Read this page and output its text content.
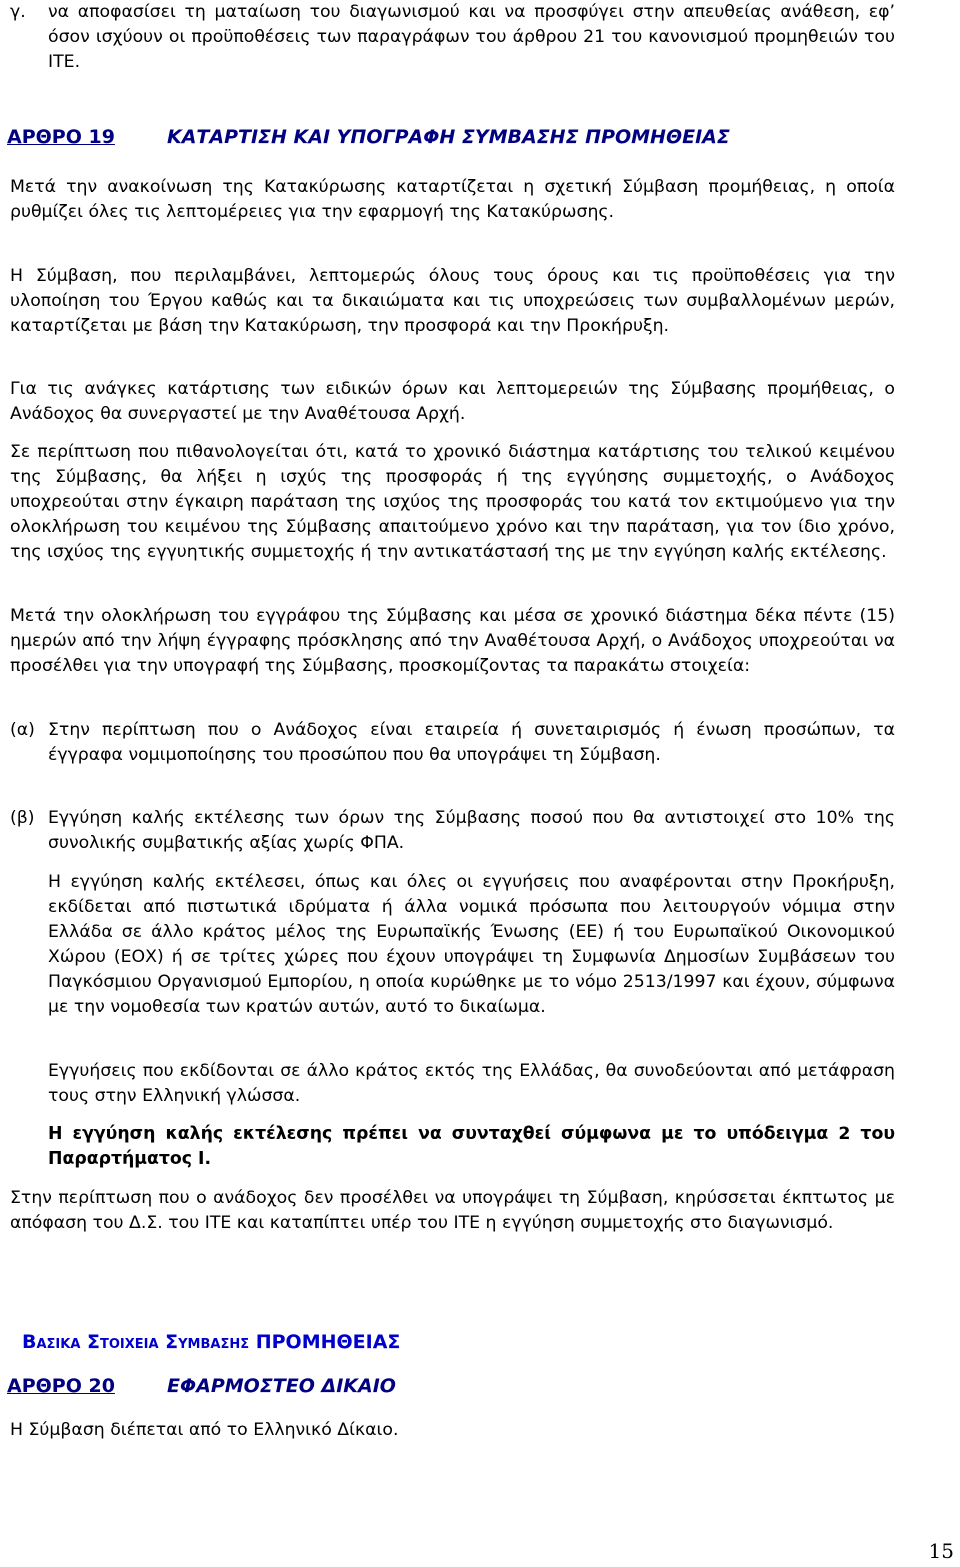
γ.	να αποφασίσει τη ματαίωση του διαγωνισμού και να προσφύγει στην απευθείας ανάθεση, εφ’ όσον ισχύουν οι προϋποθέσεις των παραγράφων του άρθρου 21 του κανονισμού προμηθειών του ΙΤΕ.

ΑΡΘΡΟ 19	ΚΑΤΑΡΤΙΣΗ ΚΑΙ ΥΠΟΓΡΑΦΗ ΣΥΜΒΑΣΗΣ ΠΡΟΜΗΘΕΙΑΣ

Μετά την ανακοίνωση της Κατακύρωσης καταρτίζεται η σχετική Σύμβαση προμήθειας, η οποία ρυθμίζει όλες τις λεπτομέρειες για την εφαρμογή της Κατακύρωσης.

Η Σύμβαση, που περιλαμβάνει, λεπτομερώς όλους τους όρους και τις προϋποθέσεις για την υλοποίηση του Έργου καθώς και τα δικαιώματα και τις υποχρεώσεις των συμβαλλομένων μερών, καταρτίζεται με βάση την Κατακύρωση, την προσφορά και την Προκήρυξη.

Για τις ανάγκες κατάρτισης των ειδικών όρων και λεπτομερειών της Σύμβασης προμήθειας, ο Ανάδοχος θα συνεργαστεί με την Αναθέτουσα Αρχή.

Σε περίπτωση που πιθανολογείται ότι, κατά το χρονικό διάστημα κατάρτισης του τελικού κειμένου της Σύμβασης, θα λήξει η ισχύς της προσφοράς ή της εγγύησης συμμετοχής, ο Ανάδοχος υποχρεούται στην έγκαιρη παράταση της ισχύος της προσφοράς του κατά τον εκτιμούμενο για την ολοκλήρωση του κειμένου της Σύμβασης απαιτούμενο χρόνο και την παράταση, για τον ίδιο χρόνο, της ισχύος της εγγυητικής συμμετοχής ή την αντικατάστασή της με την εγγύηση καλής εκτέλεσης.

Μετά την ολοκλήρωση του εγγράφου της Σύμβασης και μέσα σε χρονικό διάστημα δέκα πέντε (15) ημερών από την λήψη έγγραφης πρόσκλησης από την Αναθέτουσα Αρχή, ο Ανάδοχος υποχρεούται να προσέλθει για την υπογραφή της Σύμβασης, προσκομίζοντας τα παρακάτω στοιχεία:

(α) Στην περίπτωση που ο Ανάδοχος είναι εταιρεία ή συνεταιρισμός ή ένωση προσώπων, τα έγγραφα νομιμοποίησης του προσώπου που θα υπογράψει τη Σύμβαση.

(β) Εγγύηση καλής εκτέλεσης των όρων της Σύμβασης ποσού που θα αντιστοιχεί στο 10% της συνολικής συμβατικής αξίας χωρίς ΦΠΑ.

Η εγγύηση καλής εκτέλεσει, όπως και όλες οι εγγυήσεις που αναφέρονται στην Προκήρυξη, εκδίδεται από πιστωτικά ιδρύματα ή άλλα νομικά πρόσωπα που λειτουργούν νόμιμα στην Ελλάδα σε άλλο κράτος μέλος της Ευρωπαϊκής Ένωσης (ΕΕ) ή του Ευρωπαϊκού Οικονομικού Χώρου (ΕΟΧ) ή σε τρίτες χώρες που έχουν υπογράψει τη Συμφωνία Δημοσίων Συμβάσεων του Παγκόσμιου Οργανισμού Εμπορίου, η οποία κυρώθηκε με το νόμο 2513/1997 και έχουν, σύμφωνα με την νομοθεσία των κρατών αυτών, αυτό το δικαίωμα.

Εγγυήσεις που εκδίδονται σε άλλο κράτος εκτός της Ελλάδας, θα συνοδεύονται από μετάφραση τους στην Ελληνική γλώσσα.

Η εγγύηση καλής εκτέλεσης πρέπει να συνταχθεί σύμφωνα με το υπόδειγμα 2 του Παραρτήματος Ι.

Στην περίπτωση που ο ανάδοχος δεν προσέλθει να υπογράψει τη Σύμβαση, κηρύσσεται έκπτωτος με απόφαση του Δ.Σ. του ΙΤΕ και καταπίπτει υπέρ του ΙΤΕ η εγγύηση συμμετοχής στο διαγωνισμό.

Βασικα Στοιχεια Συμβασησ ΠΡΟΜΗΘΕΙΑΣ
ΑΡΘΡΟ 20	ΕΦΑΡΜΟΣΤΕΟ ΔΙΚΑΙΟ

Η Σύμβαση διέπεται από το Ελληνικό Δίκαιο.

15
